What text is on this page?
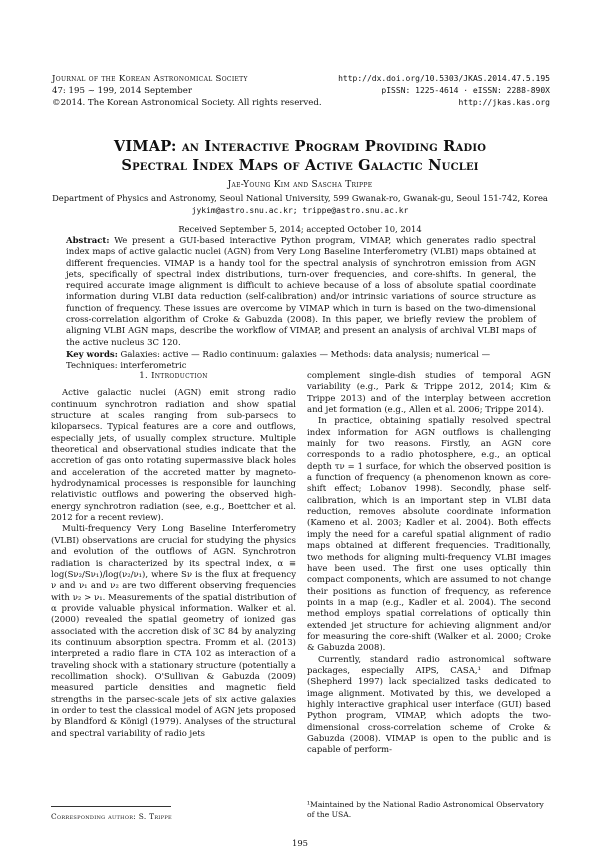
Journal of the Korean Astronomical Society
47: 195 ~ 199, 2014 September
©2014. The Korean Astronomical Society. All rights reserved.
http://dx.doi.org/10.5303/JKAS.2014.47.5.195
pISSN: 1225-4614 · eISSN: 2288-890X
http://jkas.kas.org
VIMAP: an Interactive Program Providing Radio
Spectral Index Maps of Active Galactic Nuclei
Jae-Young Kim and Sascha Trippe
Department of Physics and Astronomy, Seoul National University, 599 Gwanak-ro, Gwanak-gu, Seoul 151-742, Korea
jykim@astro.snu.ac.kr; trippe@astro.snu.ac.kr
Received September 5, 2014; accepted October 10, 2014
Abstract: We present a GUI-based interactive Python program, VIMAP, which generates radio spectral index maps of active galactic nuclei (AGN) from Very Long Baseline Interferometry (VLBI) maps obtained at different frequencies. VIMAP is a handy tool for the spectral analysis of synchrotron emission from AGN jets, specifically of spectral index distributions, turn-over frequencies, and core-shifts. In general, the required accurate image alignment is difficult to achieve because of a loss of absolute spatial coordinate information during VLBI data reduction (self-calibration) and/or intrinsic variations of source structure as function of frequency. These issues are overcome by VIMAP which in turn is based on the two-dimensional cross-correlation algorithm of Croke & Gabuzda (2008). In this paper, we briefly review the problem of aligning VLBI AGN maps, describe the workflow of VIMAP, and present an analysis of archival VLBI maps of the active nucleus 3C 120.
Key words: Galaxies: active — Radio continuum: galaxies — Methods: data analysis; numerical — Techniques: interferometric
1. Introduction

Active galactic nuclei (AGN) emit strong radio continuum synchrotron radiation and show spatial structure at scales ranging from sub-parsecs to kiloparsecs. Typical features are a core and outflows, especially jets, of usually complex structure. Multiple theoretical and observational studies indicate that the accretion of gas onto rotating supermassive black holes and acceleration of the accreted matter by magneto-hydrodynamical processes is responsible for launching relativistic outflows and powering the observed high-energy synchrotron radiation (see, e.g., Boettcher et al. 2012 for a recent review).

Multi-frequency Very Long Baseline Interferometry (VLBI) observations are crucial for studying the physics and evolution of the outflows of AGN. Synchrotron radiation is characterized by its spectral index, α ≡ log(Sν₂/Sν₁)/log(ν₂/ν₁), where Sν is the flux at frequency ν and ν₁ and ν₂ are two different observing frequencies with ν₂ > ν₁. Measurements of the spatial distribution of α provide valuable physical information. Walker et al. (2000) revealed the spatial geometry of ionized gas associated with the accretion disk of 3C 84 by analyzing its continuum absorption spectra. Fromm et al. (2013) interpreted a radio flare in CTA 102 as interaction of a traveling shock with a stationary structure (potentially a recollimation shock). O'Sullivan & Gabuzda (2009) measured particle densities and magnetic field strengths in the parsec-scale jets of six active galaxies in order to test the classical model of AGN jets proposed by Blandford & Königl (1979). Analyses of the structural and spectral variability of radio jets

complement single-dish studies of temporal AGN variability (e.g., Park & Trippe 2012, 2014; Kim & Trippe 2013) and of the interplay between accretion and jet formation (e.g., Allen et al. 2006; Trippe 2014).

In practice, obtaining spatially resolved spectral index information for AGN outflows is challenging mainly for two reasons. Firstly, an AGN core corresponds to a radio photosphere, e.g., an optical depth τν = 1 surface, for which the observed position is a function of frequency (a phenomenon known as core-shift effect; Lobanov 1998). Secondly, phase self-calibration, which is an important step in VLBI data reduction, removes absolute coordinate information (Kameno et al. 2003; Kadler et al. 2004). Both effects imply the need for a careful spatial alignment of radio maps obtained at different frequencies. Traditionally, two methods for aligning multi-frequency VLBI images have been used. The first one uses optically thin compact components, which are assumed to not change their positions as function of frequency, as reference points in a map (e.g., Kadler et al. 2004). The second method employs spatial correlations of optically thin extended jet structure for achieving alignment and/or for measuring the core-shift (Walker et al. 2000; Croke & Gabuzda 2008).

Currently, standard radio astronomical software packages, especially AIPS, CASA,¹ and Difmap (Shepherd 1997) lack specialized tasks dedicated to image alignment. Motivated by this, we developed a highly interactive graphical user interface (GUI) based Python program, VIMAP, which adopts the two-dimensional cross-correlation scheme of Croke & Gabuzda (2008). VIMAP is open to the public and is capable of perform-

Corresponding author: S. Trippe
¹Maintained by the National Radio Astronomical Observatory of the USA.
195
